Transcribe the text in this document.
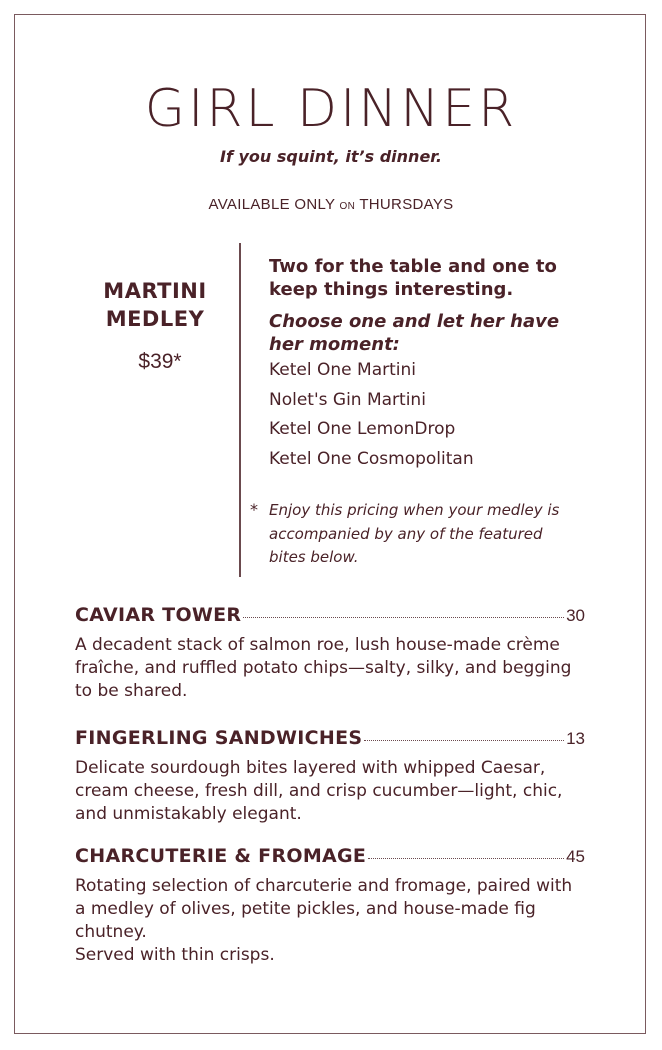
GIRL DINNER
If you squint, it’s dinner.
AVAILABLE ONLY ON THURSDAYS
MARTINI
MEDLEY
$39*
Two for the table and one to keep things interesting.
Choose one and let her have her moment:
Ketel One Martini
Nolet's Gin Martini
Ketel One LemonDrop
Ketel One Cosmopolitan
* Enjoy this pricing when your medley is accompanied by any of the featured bites below.
CAVIAR TOWER	30
A decadent stack of salmon roe, lush house-made crème fraîche, and ruffled potato chips—salty, silky, and begging to be shared.
FINGERLING SANDWICHES	13
Delicate sourdough bites layered with whipped Caesar, cream cheese, fresh dill, and crisp cucumber—light, chic, and unmistakably elegant.
CHARCUTERIE & FROMAGE	45
Rotating selection of charcuterie and fromage, paired with a medley of olives, petite pickles, and house-made fig chutney.
Served with thin crisps.
